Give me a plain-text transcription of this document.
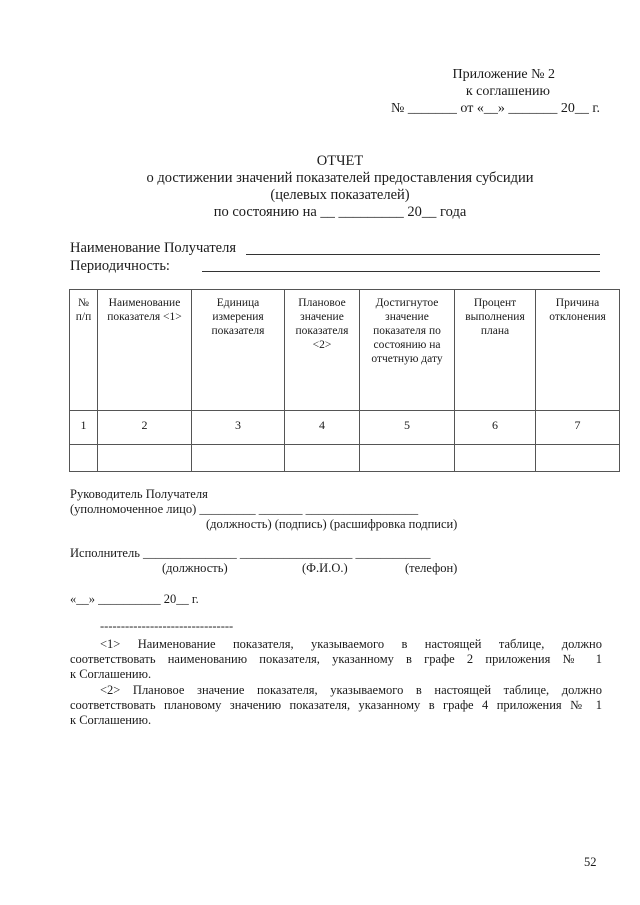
Приложение № 2
к соглашению
№ _______ от «__» _______ 20__ г.
ОТЧЕТ
о достижении значений показателей предоставления субсидии
(целевых показателей)
по состоянию на __ _________ 20__ года
Наименование Получателя
Периодичность:
№ п/п	Наименование показателя <1>	Единица измерения показателя	Плановое значение показателя <2>	Достигнутое значение показателя по состоянию на отчетную дату	Процент выполнения плана	Причина отклонения
1	2	3	4	5	6	7

Руководитель Получателя
(уполномоченное лицо) _________ _______ __________________
(должность) (подпись) (расшифровка подписи)
Исполнитель _______________ __________________ ____________
(должность)	(Ф.И.О.)	(телефон)
«__» __________ 20__ г.
--------------------------------
<1> Наименование показателя, указываемого в настоящей таблице, должно
соответствовать наименованию показателя, указанному в графе 2 приложения № 1
к Соглашению.
<2> Плановое значение показателя, указываемого в настоящей таблице, должно
соответствовать плановому значению показателя, указанному в графе 4 приложения № 1
к Соглашению.
52
